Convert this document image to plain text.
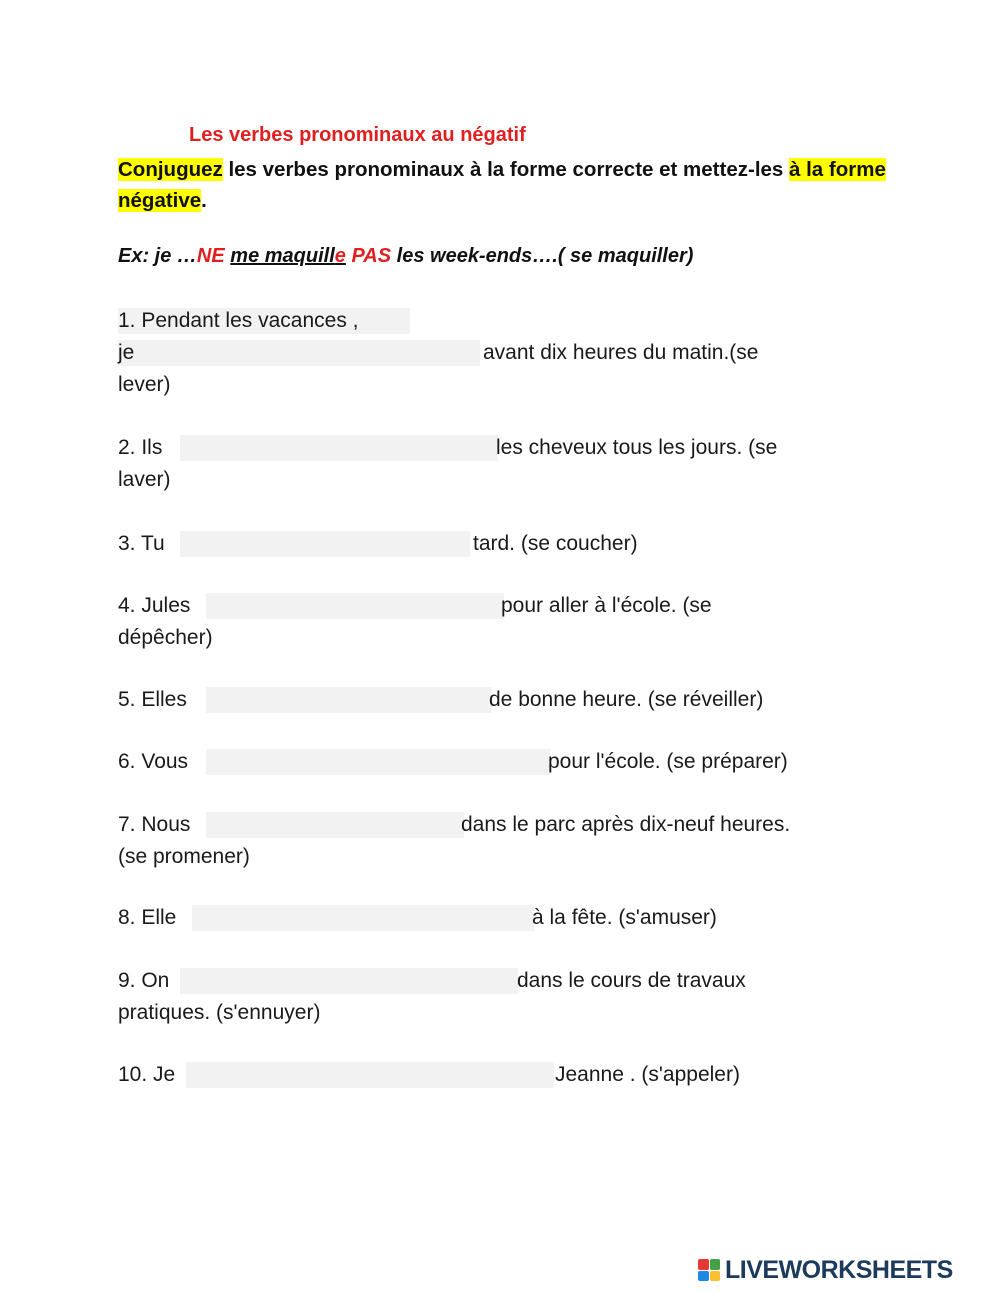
Les verbes pronominaux au négatif

Conjuguez les verbes pronominaux à la forme correcte et mettez-les à la forme négative.

Ex: je …NE me maquille PAS les week-ends….( se maquiller)

1. Pendant les vacances ,
je	avant dix heures du matin.(se
lever)
2. Ils	les cheveux tous les jours. (se
laver)
3. Tu	tard. (se coucher)
4. Jules	pour aller à l'école. (se
dépêcher)
5. Elles	de bonne heure. (se réveiller)
6. Vous	pour l'école. (se préparer)
7. Nous	dans le parc après dix-neuf heures.
(se promener)
8. Elle	à la fête. (s'amuser)
9. On	dans le cours de travaux
pratiques. (s'ennuyer)
10. Je	Jeanne . (s'appeler)
LIVEWORKSHEETS
